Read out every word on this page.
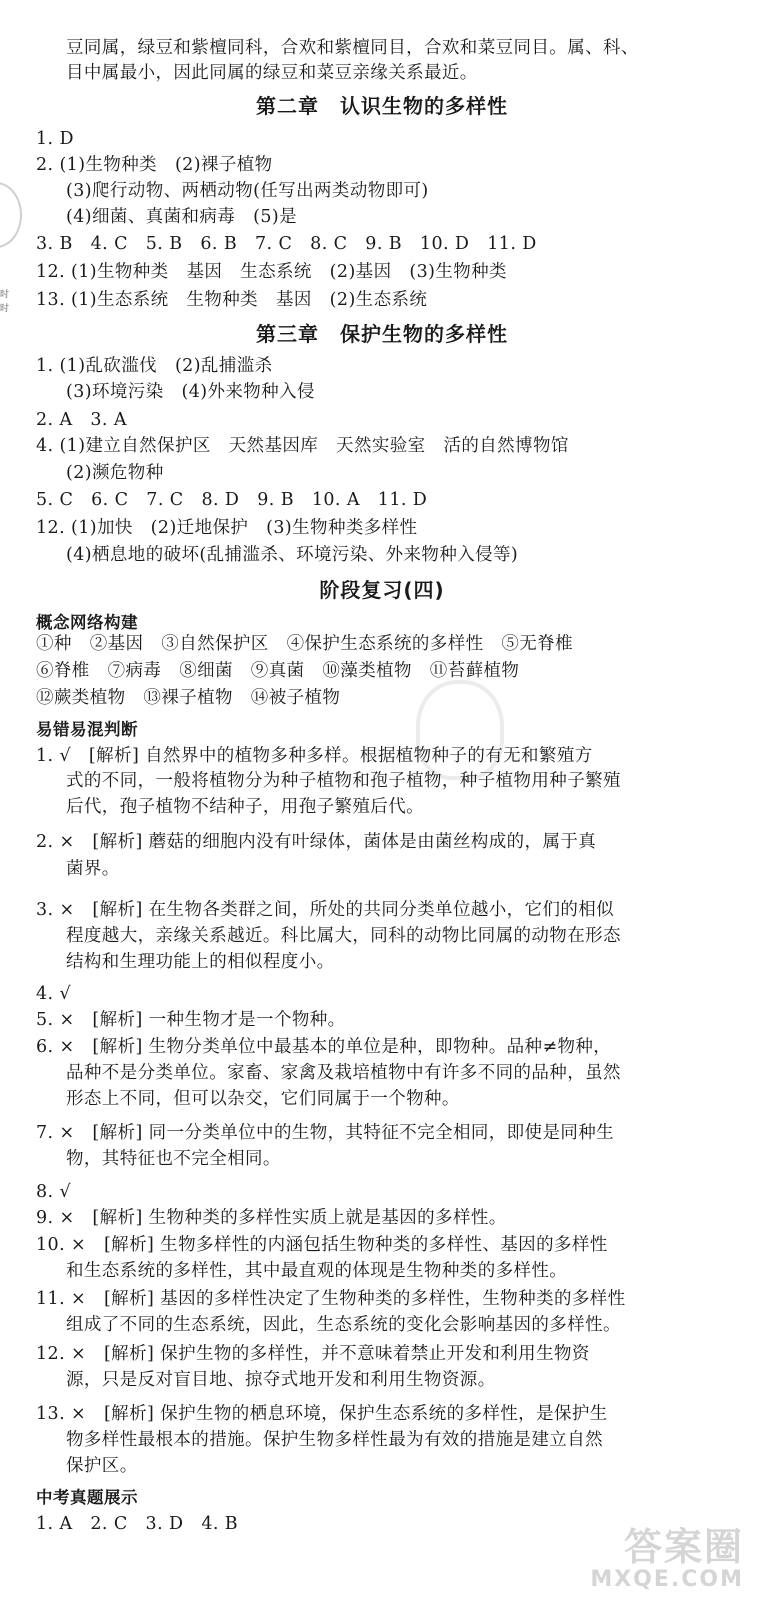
时
时
豆同属，绿豆和紫檀同科，合欢和紫檀同目，合欢和菜豆同目。属、科、
目中属最小，因此同属的绿豆和菜豆亲缘关系最近。
第二章　认识生物的多样性
1. D
2. (1)生物种类　(2)裸子植物
(3)爬行动物、两栖动物(任写出两类动物即可)
(4)细菌、真菌和病毒　(5)是
3. B　4. C　5. B　6. B　7. C　8. C　9. B　10. D　11. D
12. (1)生物种类　基因　生态系统　(2)基因　(3)生物种类
13. (1)生态系统　生物种类　基因　(2)生态系统
第三章　保护生物的多样性
1. (1)乱砍滥伐　(2)乱捕滥杀
(3)环境污染　(4)外来物种入侵
2. A　3. A
4. (1)建立自然保护区　天然基因库　天然实验室　活的自然博物馆
(2)濒危物种
5. C　6. C　7. C　8. D　9. B　10. A　11. D
12. (1)加快　(2)迁地保护　(3)生物种类多样性
(4)栖息地的破坏(乱捕滥杀、环境污染、外来物种入侵等)
阶段复习(四)
概念网络构建
①种　②基因　③自然保护区　④保护生态系统的多样性　⑤无脊椎
⑥脊椎　⑦病毒　⑧细菌　⑨真菌　⑩藻类植物　⑪苔藓植物
⑫蕨类植物　⑬裸子植物　⑭被子植物
易错易混判断
1. √　[解析] 自然界中的植物多种多样。根据植物种子的有无和繁殖方
式的不同，一般将植物分为种子植物和孢子植物，种子植物用种子繁殖
后代，孢子植物不结种子，用孢子繁殖后代。
2. ×　[解析] 蘑菇的细胞内没有叶绿体，菌体是由菌丝构成的，属于真
菌界。
3. ×　[解析] 在生物各类群之间，所处的共同分类单位越小，它们的相似
程度越大，亲缘关系越近。科比属大，同科的动物比同属的动物在形态
结构和生理功能上的相似程度小。
4. √
5. ×　[解析] 一种生物才是一个物种。
6. ×　[解析] 生物分类单位中最基本的单位是种，即物种。品种≠物种，
品种不是分类单位。家畜、家禽及栽培植物中有许多不同的品种，虽然
形态上不同，但可以杂交，它们同属于一个物种。
7. ×　[解析] 同一分类单位中的生物，其特征不完全相同，即使是同种生
物，其特征也不完全相同。
8. √
9. ×　[解析] 生物种类的多样性实质上就是基因的多样性。
10. ×　[解析] 生物多样性的内涵包括生物种类的多样性、基因的多样性
和生态系统的多样性，其中最直观的体现是生物种类的多样性。
11. ×　[解析] 基因的多样性决定了生物种类的多样性，生物种类的多样性
组成了不同的生态系统，因此，生态系统的变化会影响基因的多样性。
12. ×　[解析] 保护生物的多样性，并不意味着禁止开发和利用生物资
源，只是反对盲目地、掠夺式地开发和利用生物资源。
13. ×　[解析] 保护生物的栖息环境，保护生态系统的多样性，是保护生
物多样性最根本的措施。保护生物多样性最为有效的措施是建立自然
保护区。
中考真题展示
1. A　2. C　3. D　4. B
答案圈
MXQE.COM
